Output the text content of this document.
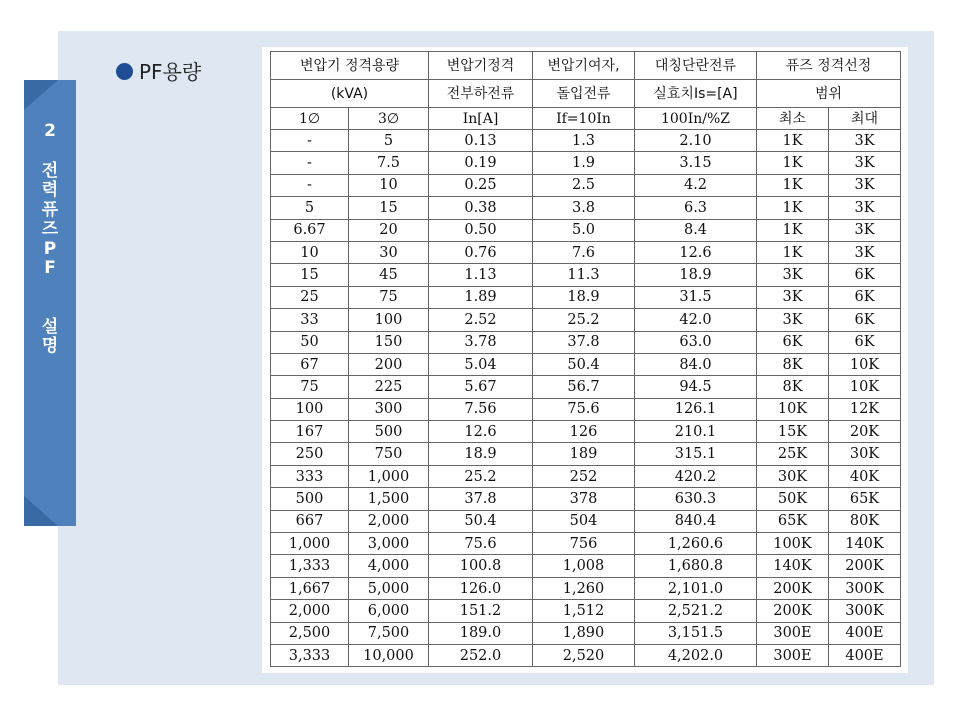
2
전
력
퓨
즈
P
F
설
명
PF용량	변압기 정격용량		변압기정격	변압기여자,	대칭단란전류	퓨즈 정격선정	
(kVA)		전부하전류	돌입전류	실효치Is=[A]	범위	
1∅	3∅	In[A]	If=10In	100In/%Z	최소	최대
-	5	0.13	1.3	2.10	1K	3K
-	7.5	0.19	1.9	3.15	1K	3K
-	10	0.25	2.5	4.2	1K	3K
5	15	0.38	3.8	6.3	1K	3K
6.67	20	0.50	5.0	8.4	1K	3K
10	30	0.76	7.6	12.6	1K	3K
15	45	1.13	11.3	18.9	3K	6K
25	75	1.89	18.9	31.5	3K	6K
33	100	2.52	25.2	42.0	3K	6K
50	150	3.78	37.8	63.0	6K	6K
67	200	5.04	50.4	84.0	8K	10K
75	225	5.67	56.7	94.5	8K	10K
100	300	7.56	75.6	126.1	10K	12K
167	500	12.6	126	210.1	15K	20K
250	750	18.9	189	315.1	25K	30K
333	1,000	25.2	252	420.2	30K	40K
500	1,500	37.8	378	630.3	50K	65K
667	2,000	50.4	504	840.4	65K	80K
1,000	3,000	75.6	756	1,260.6	100K	140K
1,333	4,000	100.8	1,008	1,680.8	140K	200K
1,667	5,000	126.0	1,260	2,101.0	200K	300K
2,000	6,000	151.2	1,512	2,521.2	200K	300K
2,500	7,500	189.0	1,890	3,151.5	300E	400E
3,333	10,000	252.0	2,520	4,202.0	300E	400E
